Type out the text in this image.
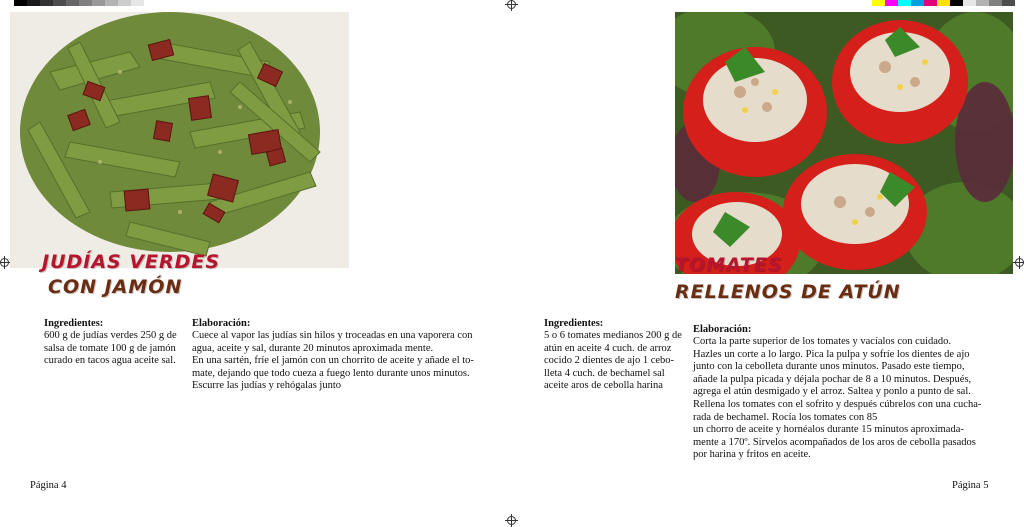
JUDÍAS VERDES
CON JAMÓN

Ingredientes:

600 g de judías verdes 250 g de

salsa de tomate 100 g de jamón

curado en tacos agua aceite sal.

Elaboración:

Cuece al vapor las judías sin hilos y troceadas en una vaporera con

agua, aceite y sal, durante 20 minutos aproximada mente.

En una sartén, fríe el jamón con un chorrito de aceite y añade el to-

mate, dejando que todo cueza a fuego lento durante unos minutos.

Escurre las judías y rehógalas junto

Página 4
TOMATES
RELLENOS DE ATÚN

Ingredientes:

5 o 6 tomates medianos 200 g de

atún en aceite 4 cuch. de arroz

cocido 2 dientes de ajo 1 cebo-

lleta 4 cuch. de bechamel sal

aceite aros de cebolla harina

Elaboración:

Corta la parte superior de los tomates y vacíalos con cuidado.

Hazles un corte a lo largo. Pica la pulpa y sofríe los dientes de ajo

junto con la cebolleta durante unos minutos. Pasado este tiempo,

añade la pulpa picada y déjala pochar de 8 a 10 minutos. Después,

agrega el atún desmigado y el arroz. Saltea y ponlo a punto de sal.

Rellena los tomates con el sofrito y después cúbrelos con una cucha-

rada de bechamel. Rocía los tomates con 85

un chorro de aceite y hornéalos durante 15 minutos aproximada-

mente a 170º. Sírvelos acompañados de los aros de cebolla pasados

por harina y fritos en aceite.

Página 5
